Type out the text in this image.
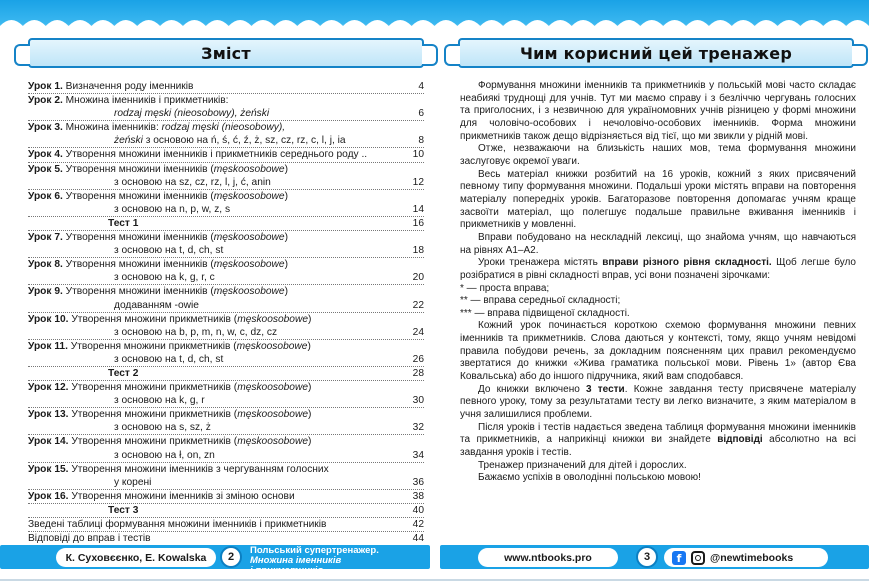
Зміст
Урок 1. Визначення роду іменників	4
Урок 2. Множина іменників і прикметників:
rodzaj męski (nieosobowy), żeński	6
Урок 3. Множина іменників: rodzaj męski (nieosobowy),
żeński з основою на ń, ś, ć, ź, ż, sz, cz, rz, c, l, j, ia	8
Урок 4. Утворення множини іменників і прикметників середнього роду ..	10
Урок 5. Утворення множини іменників (męskoosobowe)
з основою на sz, cz, rz, l, j, ć, anin	12
Урок 6. Утворення множини іменників (męskoosobowe)
з основою на n, p, w, z, s	14
Тест 1	16
Урок 7. Утворення множини іменників (męskoosobowe)
з основою на t, d, ch, st	18
Урок 8. Утворення множини іменників (męskoosobowe)
з основою на k, g, r, c	20
Урок 9. Утворення множини іменників (męskoosobowe)
додаванням -owie	22
Урок 10. Утворення множини прикметників (męskoosobowe)
з основою на b, p, m, n, w, c, dz, cz	24
Урок 11. Утворення множини прикметників (męskoosobowe)
з основою на t, d, ch, st	26
Тест 2	28
Урок 12. Утворення множини прикметників (męskoosobowe)
з основою на k, g, r	30
Урок 13. Утворення множини прикметників (męskoosobowe)
з основою на s, sz, ż	32
Урок 14. Утворення множини прикметників (męskoosobowe)
з основою на ł, on, zn	34
Урок 15. Утворення множини іменників з чергуванням голосних
у корені	36
Урок 16. Утворення множини іменників зі зміною основи	38
Тест 3	40
Зведені таблиці формування множини іменників і прикметників	42
Відповіді до вправ і тестів	44
Чим корисний цей тренажер

Формування множини іменників та прикметників у польській мові часто складає неабиякі труднощі для учнів. Тут ми маємо справу і з безліччю чергувань голосних та приголосних, і з незвичною для україномовних учнів різницею у формі множини для чоловічо-особових і нечоловічо-особових іменників. Форма множини прикметників також дещо відрізняється від тієї, що ми звикли у рідній мові.

Отже, незважаючи на близькість наших мов, тема формування множини заслуговує окремої уваги.

Весь матеріал книжки розбитий на 16 уроків, кожний з яких присвячений певному типу формування множини. Подальші уроки містять вправи на повторення матеріалу попередніх уроків. Багаторазове повторення допомагає учням краще засвоїти матеріал, що полегшує подальше правильне вживання іменників і прикметників у мовленні.

Вправи побудовано на нескладній лексиці, що знайома учням, що навчаються на рівнях А1–А2.

Уроки тренажера містять вправи різного рівня складності. Щоб легше було розібратися в рівні складності вправ, усі вони позначені зірочками:

* — проста вправа;

** — вправа середньої складності;

*** — вправа підвищеної складності.

Кожний урок починається короткою схемою формування множини певних іменників та прикметників. Слова даються у контексті, тому, якщо учням невідомі правила побудови речень, за докладним поясненням цих правил рекомендуємо звертатися до книжки «Жива граматика польської мови. Рівень 1» (автор Єва Ковальська) або до іншого підручника, який вам сподобався.

До книжки включено 3 тести. Кожне завдання тесту присвячене матеріалу певного уроку, тому за результатами тесту ви легко визначите, з яким матеріалом в учня залишилися проблеми.

Після уроків і тестів надається зведена таблиця формування множини іменників та прикметників, а наприкінці книжки ви знайдете відповіді абсолютно на всі завдання уроків і тестів.

Тренажер призначений для дітей і дорослих.

Бажаємо успіхів в оволодінні польською мовою!

К. Суховєєнко, E. Kowalska	2
Польський супертренажер.
Множина іменників
і прикметників
www.ntbooks.pro	3	f	@newtimebooks
